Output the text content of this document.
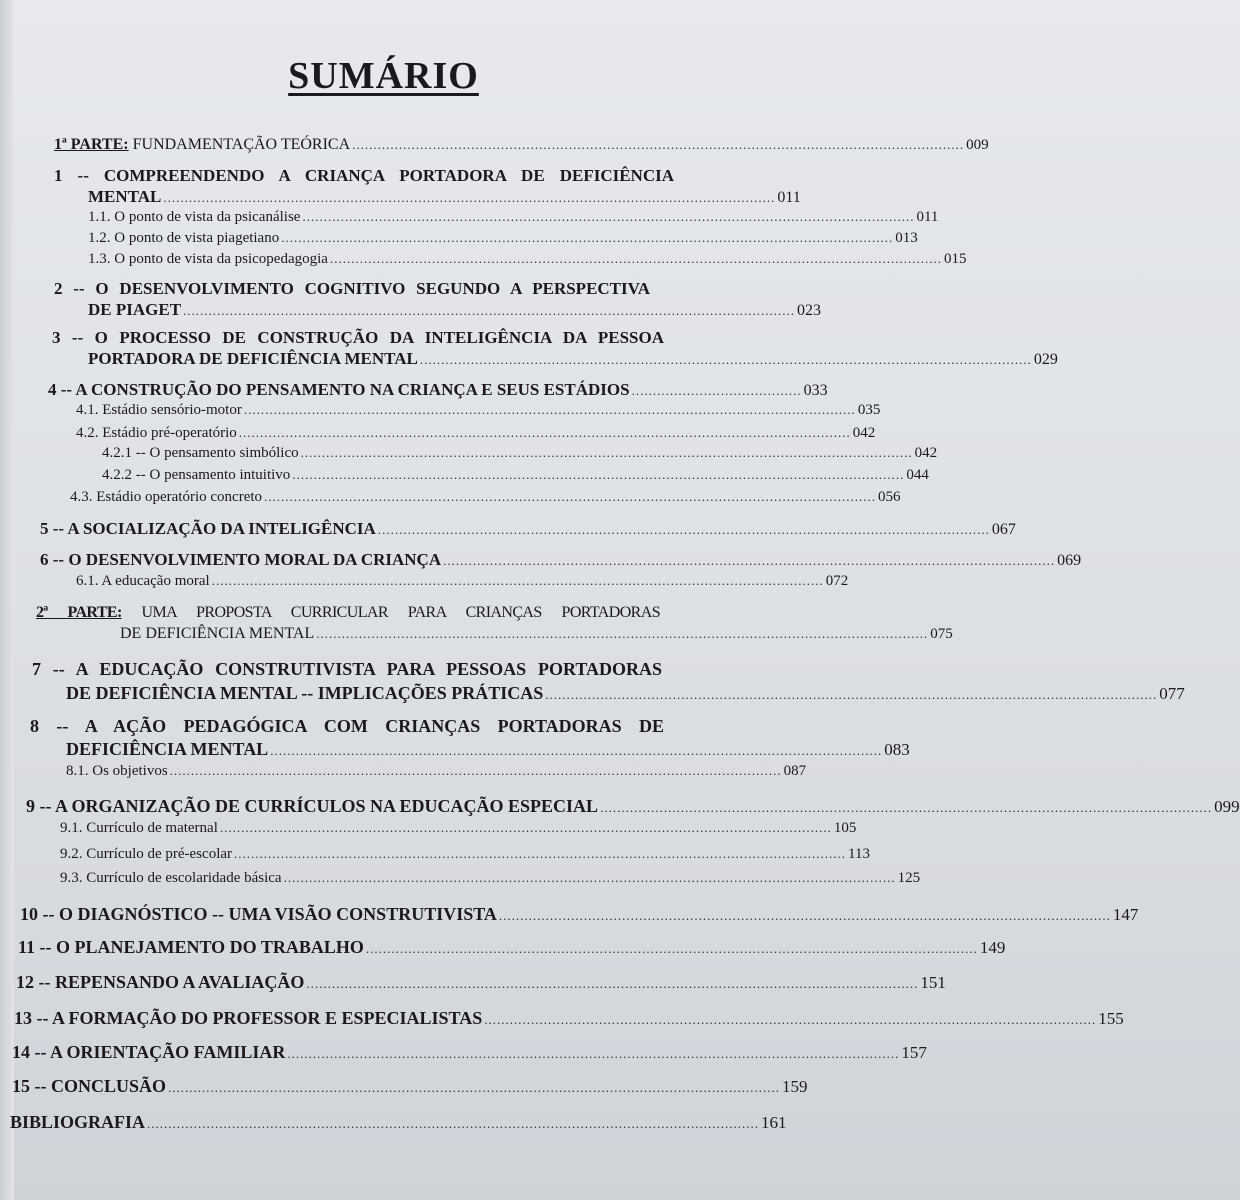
SUMÁRIO
1ª PARTE: FUNDAMENTAÇÃO TEÓRICA ................................................................................................................................................ 009
1 -- COMPREENDENDO A CRIANÇA PORTADORA DE DEFICIÊNCIA
MENTAL ................................................................................................................................................ 011
1.1. O ponto de vista da psicanálise ................................................................................................................................................ 011
1.2. O ponto de vista piagetiano ................................................................................................................................................ 013
1.3. O ponto de vista da psicopedagogia ................................................................................................................................................ 015
2 -- O DESENVOLVIMENTO COGNITIVO SEGUNDO A PERSPECTIVA
DE PIAGET ................................................................................................................................................ 023
3 -- O PROCESSO DE CONSTRUÇÃO DA INTELIGÊNCIA DA PESSOA
PORTADORA DE DEFICIÊNCIA MENTAL ................................................................................................................................................ 029
4 -- A CONSTRUÇÃO DO PENSAMENTO NA CRIANÇA E SEUS ESTÁDIOS ........................................ 033
4.1. Estádio sensório-motor ................................................................................................................................................ 035
4.2. Estádio pré-operatório ................................................................................................................................................ 042
4.2.1 -- O pensamento simbólico ................................................................................................................................................ 042
4.2.2 -- O pensamento intuitivo ................................................................................................................................................ 044
4.3. Estádio operatório concreto ................................................................................................................................................ 056
5 -- A SOCIALIZAÇÃO DA INTELIGÊNCIA ................................................................................................................................................ 067
6 -- O DESENVOLVIMENTO MORAL DA CRIANÇA ................................................................................................................................................ 069
6.1. A educação moral ................................................................................................................................................ 072
2ª PARTE: UMA PROPOSTA CURRICULAR PARA CRIANÇAS PORTADORAS
DE DEFICIÊNCIA MENTAL ................................................................................................................................................ 075
7 -- A EDUCAÇÃO CONSTRUTIVISTA PARA PESSOAS PORTADORAS
DE DEFICIÊNCIA MENTAL -- IMPLICAÇÕES PRÁTICAS ................................................................................................................................................ 077
8 -- A AÇÃO PEDAGÓGICA COM CRIANÇAS PORTADORAS DE
DEFICIÊNCIA MENTAL ................................................................................................................................................ 083
8.1. Os objetivos ................................................................................................................................................ 087
9 -- A ORGANIZAÇÃO DE CURRÍCULOS NA EDUCAÇÃO ESPECIAL ................................................................................................................................................ 099
9.1. Currículo de maternal ................................................................................................................................................ 105
9.2. Currículo de pré-escolar ................................................................................................................................................ 113
9.3. Currículo de escolaridade básica ................................................................................................................................................ 125
10 -- O DIAGNÓSTICO -- UMA VISÃO CONSTRUTIVISTA ................................................................................................................................................ 147
11 -- O PLANEJAMENTO DO TRABALHO ................................................................................................................................................ 149
12 -- REPENSANDO A AVALIAÇÃO ................................................................................................................................................ 151
13 -- A FORMAÇÃO DO PROFESSOR E ESPECIALISTAS ................................................................................................................................................ 155
14 -- A ORIENTAÇÃO FAMILIAR ................................................................................................................................................ 157
15 -- CONCLUSÃO ................................................................................................................................................ 159
BIBLIOGRAFIA ................................................................................................................................................ 161
